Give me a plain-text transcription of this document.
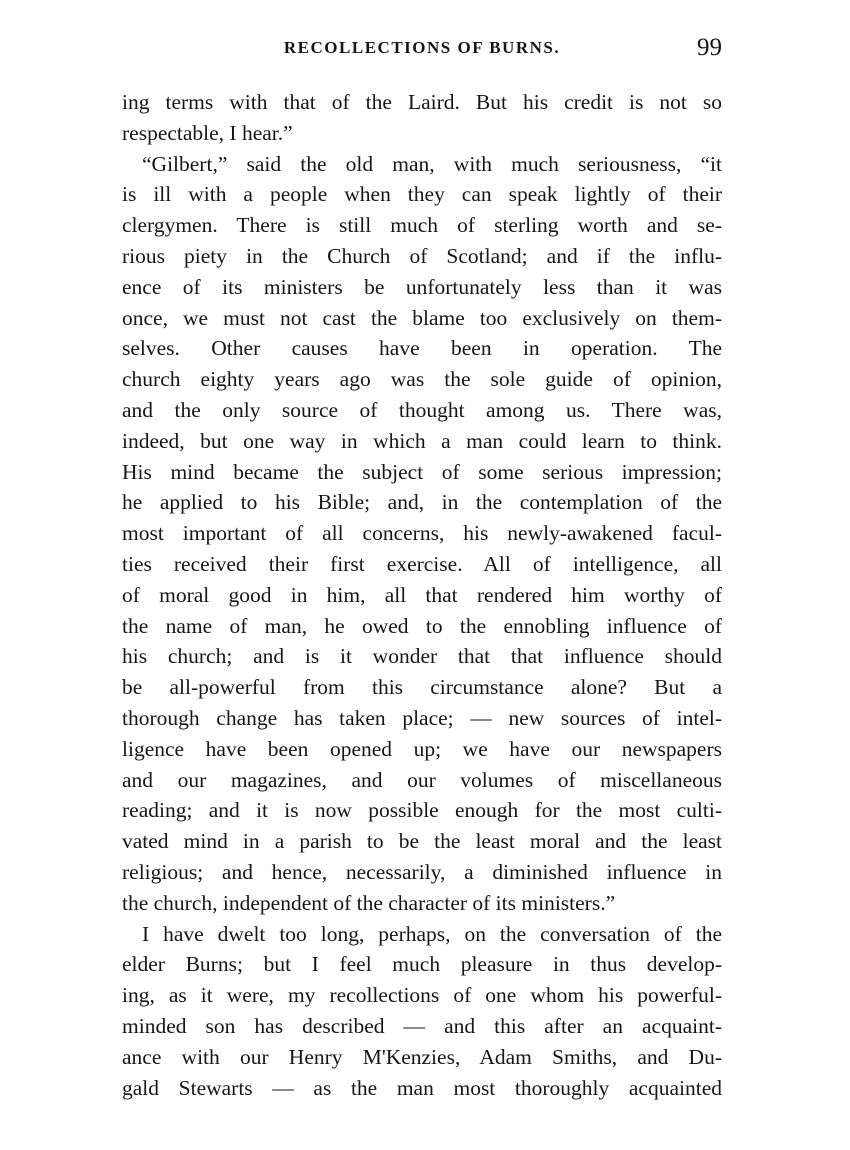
RECOLLECTIONS OF BURNS.	99
ing terms with that of the Laird. But his credit is not so
respectable, I hear.”
“Gilbert,” said the old man, with much seriousness, “it
is ill with a people when they can speak lightly of their
clergymen. There is still much of sterling worth and se-
rious piety in the Church of Scotland; and if the influ-
ence of its ministers be unfortunately less than it was
once, we must not cast the blame too exclusively on them-
selves. Other causes have been in operation. The
church eighty years ago was the sole guide of opinion,
and the only source of thought among us. There was,
indeed, but one way in which a man could learn to think.
His mind became the subject of some serious impression;
he applied to his Bible; and, in the contemplation of the
most important of all concerns, his newly-awakened facul-
ties received their first exercise. All of intelligence, all
of moral good in him, all that rendered him worthy of
the name of man, he owed to the ennobling influence of
his church; and is it wonder that that influence should
be all-powerful from this circumstance alone? But a
thorough change has taken place; — new sources of intel-
ligence have been opened up; we have our newspapers
and our magazines, and our volumes of miscellaneous
reading; and it is now possible enough for the most culti-
vated mind in a parish to be the least moral and the least
religious; and hence, necessarily, a diminished influence in
the church, independent of the character of its ministers.”
I have dwelt too long, perhaps, on the conversation of the
elder Burns; but I feel much pleasure in thus develop-
ing, as it were, my recollections of one whom his powerful-
minded son has described — and this after an acquaint-
ance with our Henry M'Kenzies, Adam Smiths, and Du-
gald Stewarts — as the man most thoroughly acquainted
